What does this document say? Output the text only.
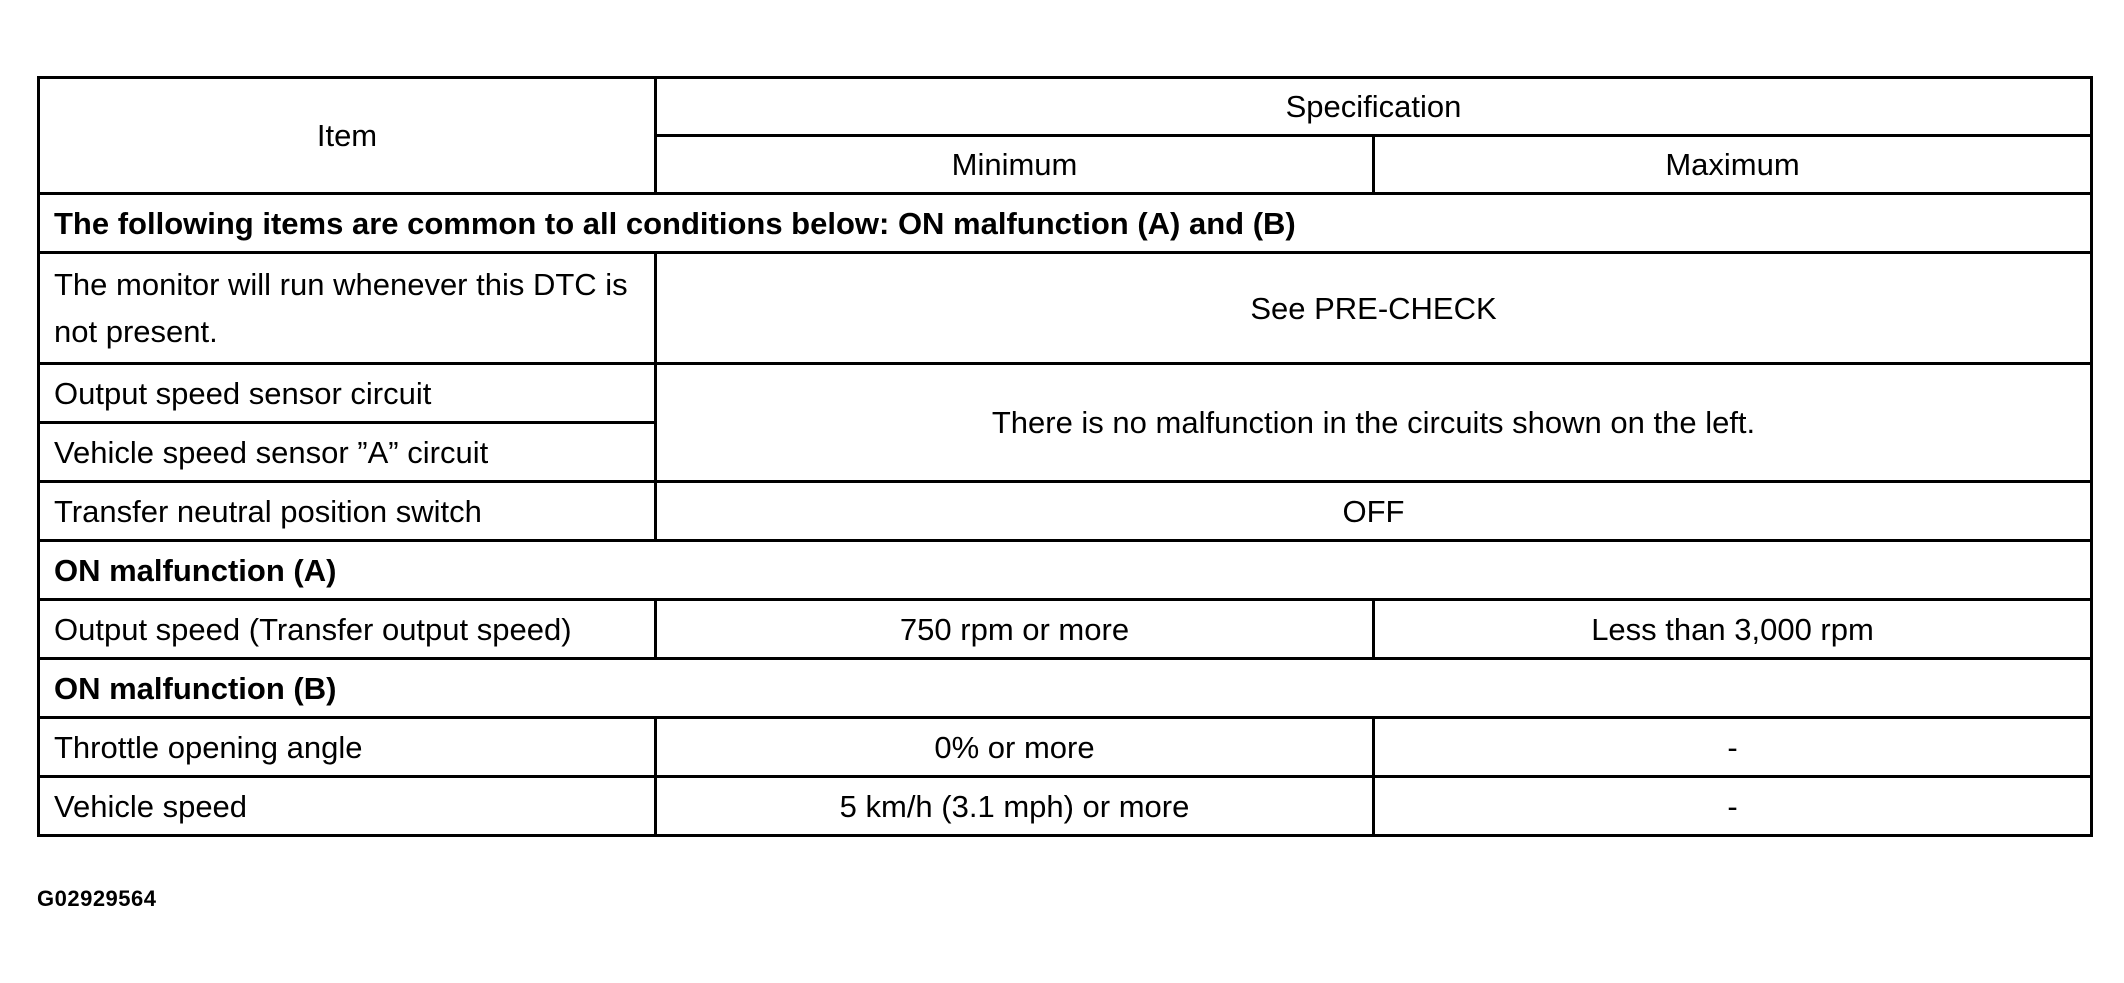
Item	Specification	
	Minimum	Maximum
The following items are common to all conditions below: ON malfunction (A) and (B)		
The monitor will run whenever this DTC is not present.	See PRE-CHECK	
Output speed sensor circuit	There is no malfunction in the circuits shown on the left.	
Vehicle speed sensor ”A” circuit		
Transfer neutral position switch	OFF	
ON malfunction (A)		
Output speed (Transfer output speed)	750 rpm or more	Less than 3,000 rpm
ON malfunction (B)		
Throttle opening angle	0% or more	-
Vehicle speed	5 km/h (3.1 mph) or more	-
G02929564
